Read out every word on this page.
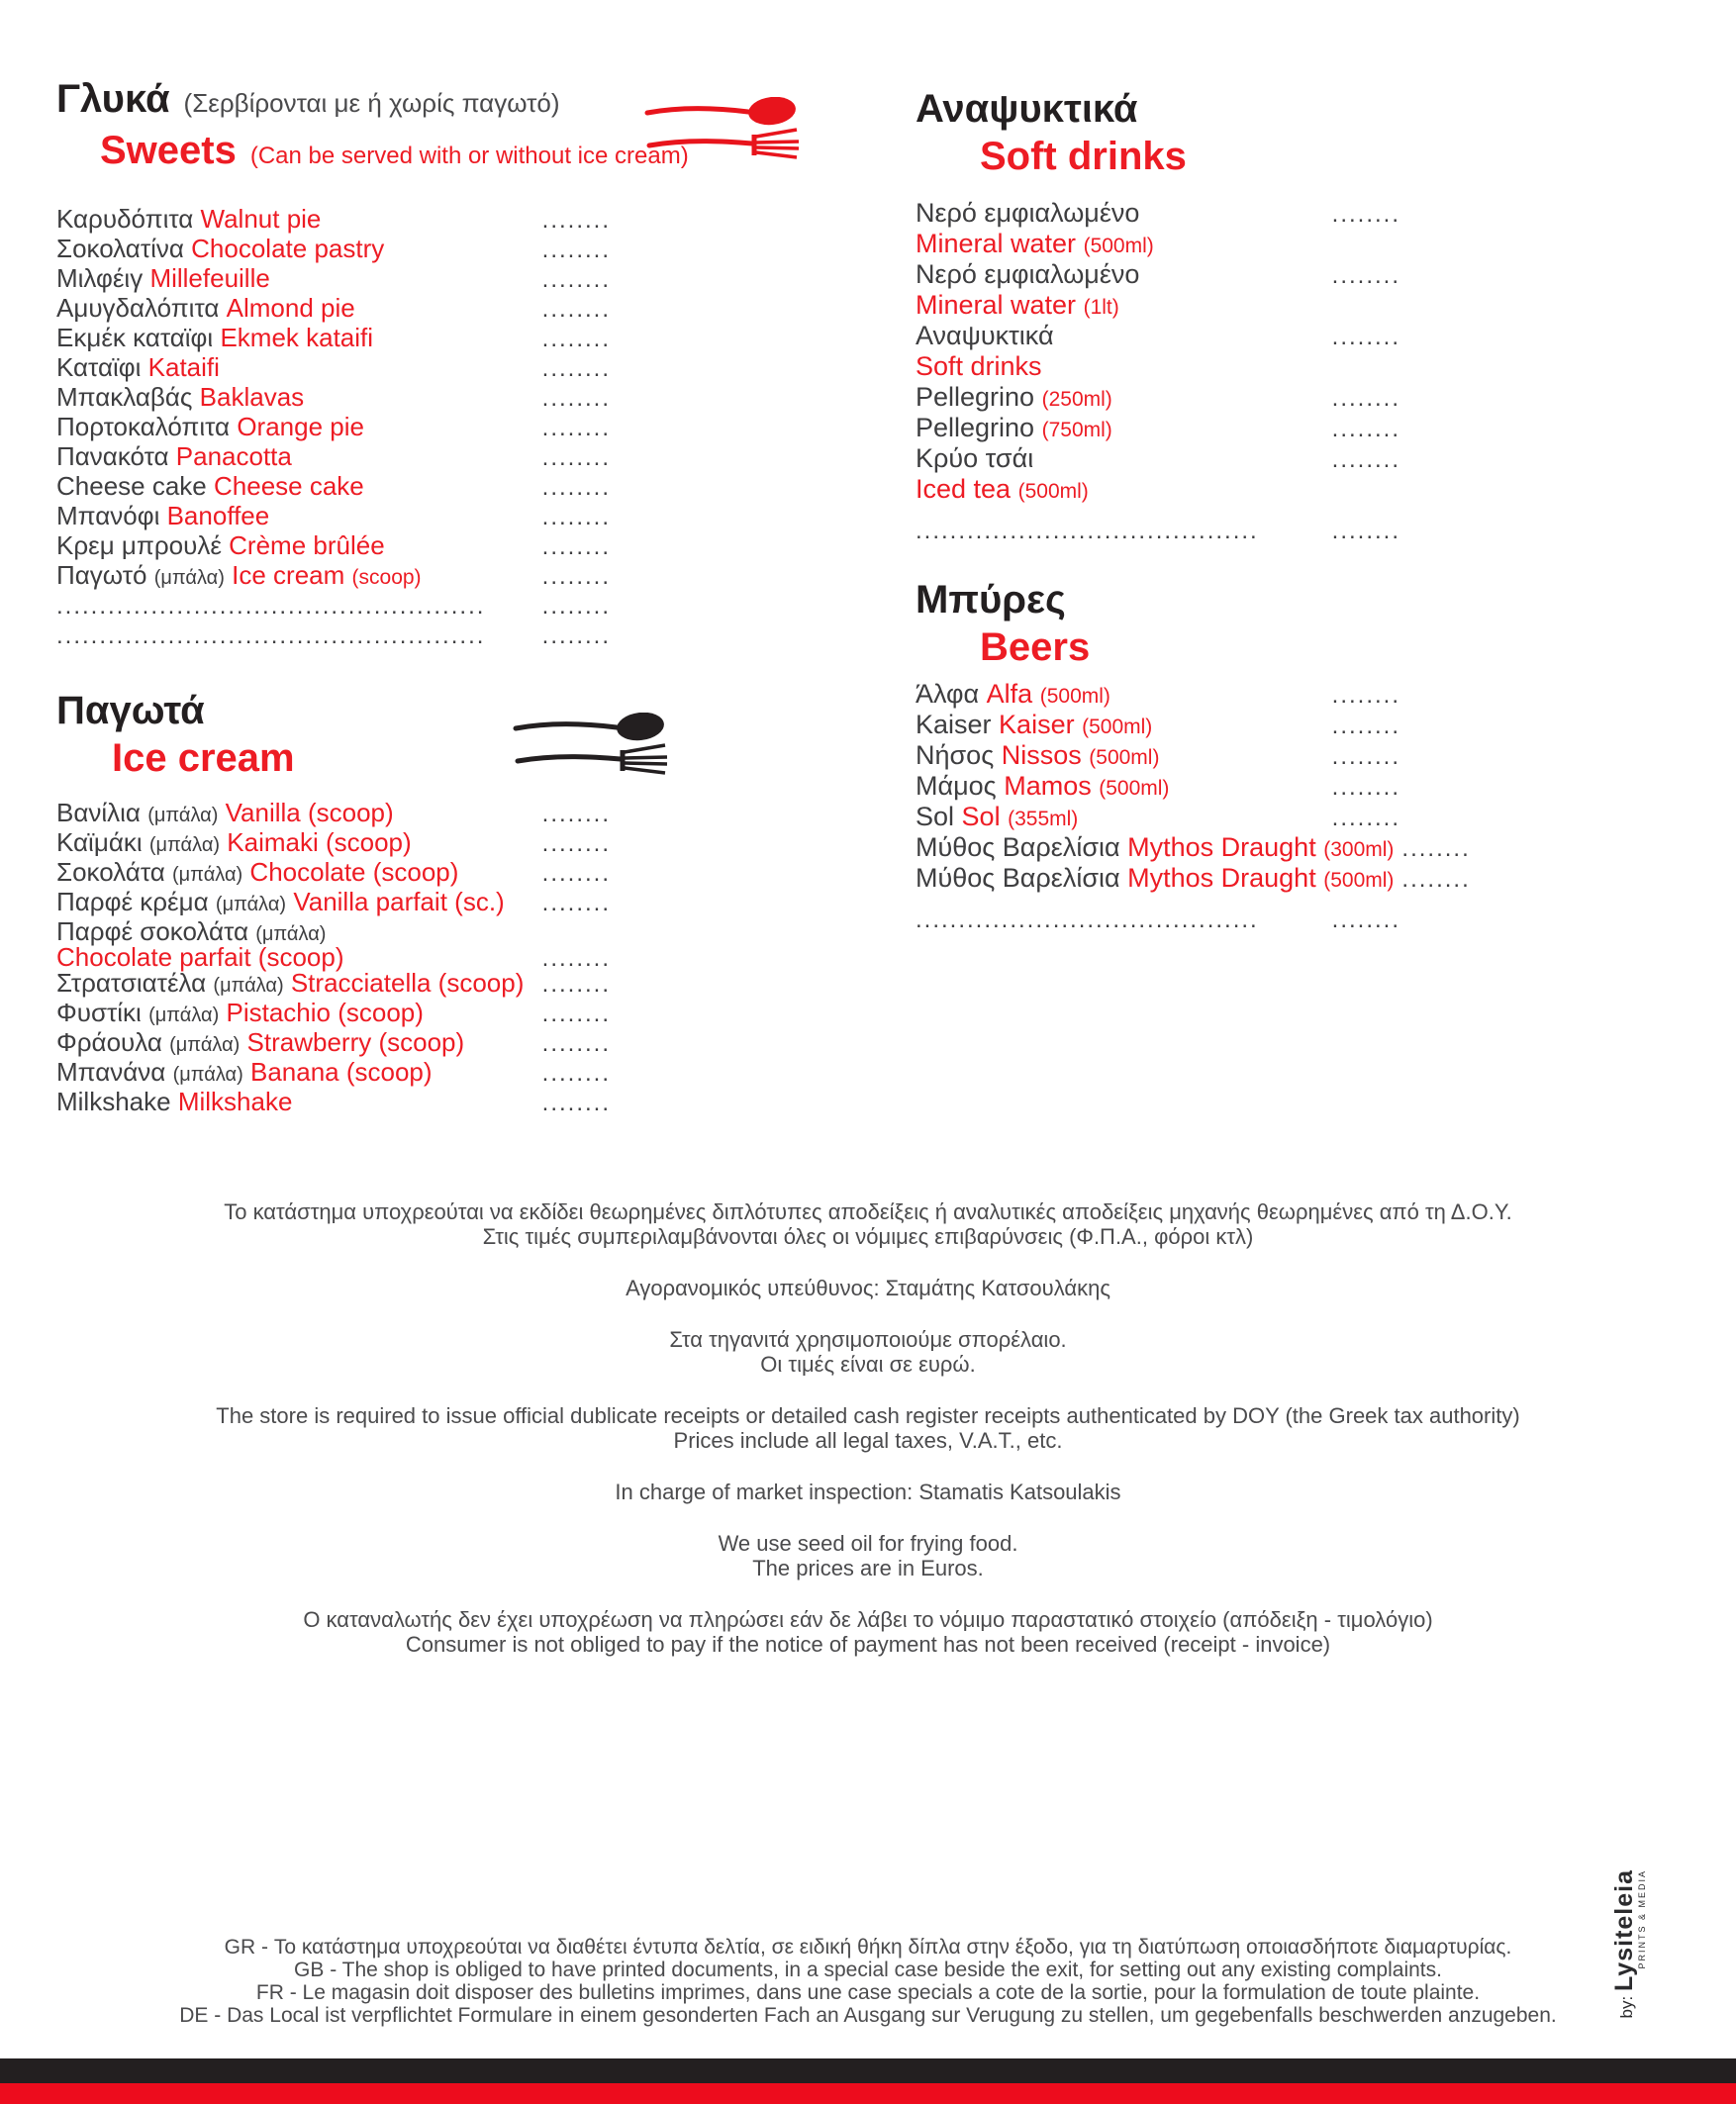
Γλυκά (Σερβίρονται με ή χωρίς παγωτό)
Sweets (Can be served with or without ice cream)
Καρυδόπιτα Walnut pie	........
Σοκολατίνα Chocolate pastry	........
Μιλφέιγ Millefeuille	........
Αμυγδαλόπιτα Almond pie	........
Εκμέκ καταϊφι Ekmek kataifi	........
Καταϊφι Kataifi	........
Μπακλαβάς Baklavas	........
Πορτοκαλόπιτα Orange pie	........
Πανακότα Panacotta	........
Cheese cake Cheese cake	........
Μπανόφι Banoffee	........
Κρεμ μπρουλέ Crème brûlée	........
Παγωτό (μπάλα) Ice cream (scoop)	........
.................................................. ........
.................................................. ........
Παγωτά
Ice cream
Βανίλια (μπάλα) Vanilla (scoop)	........
Καϊμάκι (μπάλα) Kaimaki (scoop)	........
Σοκολάτα (μπάλα) Chocolate (scoop)	........
Παρφέ κρέμα (μπάλα) Vanilla parfait (sc.) ........
Παρφέ σοκολάτα (μπάλα)
Chocolate parfait (scoop)	........
Στρατσιατέλα (μπάλα) Stracciatella (scoop) ........
Φυστίκι (μπάλα) Pistachio (scoop)	........
Φράουλα (μπάλα) Strawberry (scoop)	........
Μπανάνα (μπάλα) Banana (scoop)	........
Milkshake Milkshake	........
Αναψυκτικά
Soft drinks
Νερό εμφιαλωμένο	........
Mineral water (500ml)
Νερό εμφιαλωμένο	........
Mineral water (1lt)
Αναψυκτικά	........
Soft drinks
Pellegrino (250ml)	........
Pellegrino (750ml)	........
Κρύο τσάι	........
Iced tea (500ml)
........................................	........
Μπύρες
Beers
Άλφα Alfa (500ml)	........
Kaiser Kaiser (500ml)	........
Νήσος Nissos (500ml)	........
Μάμος Mamos (500ml)	........
Sol Sol (355ml)	........
Μύθος Βαρελίσια Mythos Draught (300ml) ........
Μύθος Βαρελίσια Mythos Draught (500ml) ........
........................................	........

Το κατάστημα υποχρεούται να εκδίδει θεωρημένες διπλότυπες αποδείξεις ή αναλυτικές αποδείξεις μηχανής θεωρημένες από τη Δ.Ο.Υ.
Στις τιμές συμπεριλαμβάνονται όλες οι νόμιμες επιβαρύνσεις (Φ.Π.Α., φόροι κτλ)

Αγορανομικός υπεύθυνος: Σταμάτης Κατσουλάκης

Στα τηγανιτά χρησιμοποιούμε σπορέλαιο.
Οι τιμές είναι σε ευρώ.

The store is required to issue official dublicate receipts or detailed cash register receipts authenticated by DOY (the Greek tax authority)
Prices include all legal taxes, V.A.T., etc.

In charge of market inspection: Stamatis Katsoulakis

We use seed oil for frying food.
The prices are in Euros.

Ο καταναλωτής δεν έχει υποχρέωση να πληρώσει εάν δε λάβει το νόμιμο παραστατικό στοιχείο (απόδειξη - τιμολόγιο)
Consumer is not obliged to pay if the notice of payment has not been received (receipt - invoice)

GR - Το κατάστημα υποχρεούται να διαθέτει έντυπα δελτία, σε ειδική θήκη δίπλα στην έξοδο, για τη διατύπωση οποιασδήποτε διαμαρτυρίας.
GB - The shop is obliged to have printed documents, in a special case beside the exit, for setting out any existing complaints.
FR - Le magasin doit disposer des bulletins imprimes, dans une case specials a cote de la sortie, pour la formulation de toute plainte.
DE - Das Local ist verpflichtet Formulare in einem gesonderten Fach an Ausgang sur Verugung zu stellen, um gegebenfalls beschwerden anzugeben.	by: Lysiteleia PRINTS & MEDIA
